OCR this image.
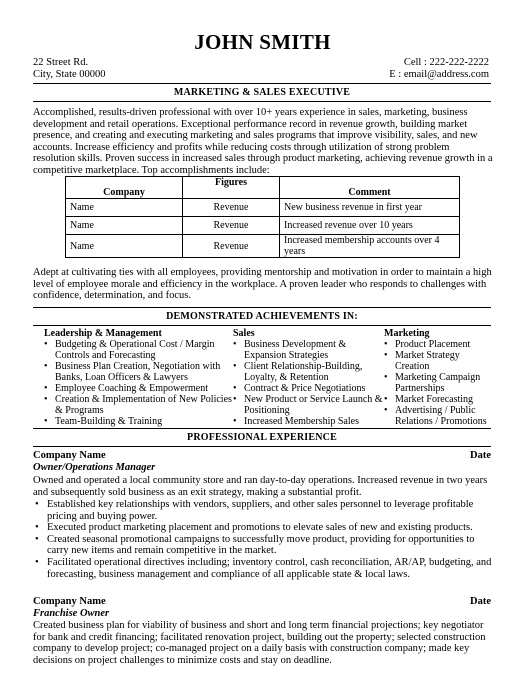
JOHN SMITH
22 Street Rd.
City, State 00000
Cell : 222-222-2222
E : email@address.com
MARKETING & SALES EXECUTIVE
Accomplished, results-driven professional with over 10+ years experience in sales, marketing, business development and retail operations. Exceptional performance record in revenue growth, building market presence, and creating and executing marketing and sales programs that improve visibility, sales, and new accounts. Increase efficiency and profits while reducing costs through utilization of strong problem resolution skills. Proven success in increased sales through product marketing, achieving revenue growth in a competitive marketplace. Top accomplishments include:
Company	Figures	Comment
Name	Revenue	New business revenue in first year
Name	Revenue	Increased revenue over 10 years
Name	Revenue	Increased membership accounts over 4 years
Adept at cultivating ties with all employees, providing mentorship and motivation in order to maintain a high level of employee morale and efficiency in the workplace. A proven leader who responds to challenges with confidence, determination, and focus.
DEMONSTRATED ACHIEVEMENTS IN:
Leadership & Management
• Budgeting & Operational Cost / Margin Controls and Forecasting
• Business Plan Creation, Negotiation with Banks, Loan Officers & Lawyers
• Employee Coaching & Empowerment
• Creation & Implementation of New Policies & Programs
• Team-Building & Training
Sales
• Business Development & Expansion Strategies
• Client Relationship-Building, Loyalty, & Retention
• Contract & Price Negotiations
• New Product or Service Launch & Positioning
• Increased Membership Sales
Marketing
• Product Placement
• Market Strategy Creation
• Marketing Campaign Partnerships
• Market Forecasting
• Advertising / Public Relations / Promotions
PROFESSIONAL EXPERIENCE
Company Name	Date
Owner/Operations Manager
Owned and operated a local community store and ran day-to-day operations. Increased revenue in two years and subsequently sold business as an exit strategy, making a substantial profit.
• Established key relationships with vendors, suppliers, and other sales personnel to leverage profitable pricing and buying power.
• Executed product marketing placement and promotions to elevate sales of new and existing products.
• Created seasonal promotional campaigns to successfully move product, providing for opportunities to carry new items and remain competitive in the market.
• Facilitated operational directives including; inventory control, cash reconciliation, AR/AP, budgeting, and forecasting, business management and compliance of all applicable state & local laws.
Company Name	Date
Franchise Owner
Created business plan for viability of business and short and long term financial projections; key negotiator for bank and credit financing; facilitated renovation project, building out the property; selected construction company to develop project; co-managed project on a daily basis with construction company; made key decisions on project challenges to minimize costs and stay on deadline.
